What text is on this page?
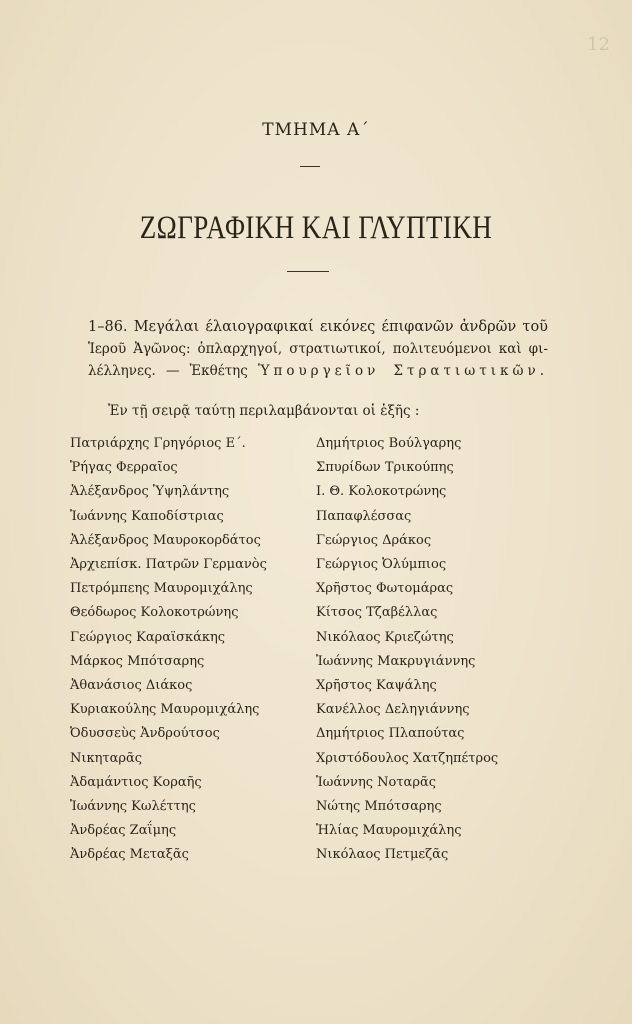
12
ΤΜΗΜΑ Α΄
ΖΩΓΡΑΦΙΚΗ ΚΑΙ ΓΛΥΠΤΙΚΗ
1–86. Μεγάλαι έλαιογραφικαί εικόνες έπιφανῶν ἀνδρῶν τοῦ
Ἱεροῦ Ἀγῶνος: ὁπλαρχηγοί, στρατιωτικοί, πολιτευόμενοι καὶ φι-
λέλληνες. — Ἐκθέτης Ὑπουργεῖον Στρατιωτικῶν.
Ἐν τῇ σειρᾷ ταύτῃ περιλαμβάνονται οἱ ἑξῆς :
Πατριάρχης Γρηγόριος Ε΄.
Ῥήγας Φερραῖος
Ἀλέξανδρος Ὑψηλάντης
Ἰωάννης Καποδίστριας
Ἀλέξανδρος Μαυροκορδάτος
Ἀρχιεπίσκ. Πατρῶν Γερμανὸς
Πετρόμπεης Μαυρομιχάλης
Θεόδωρος Κολοκοτρώνης
Γεώργιος Καραϊσκάκης
Μάρκος Μπότσαρης
Ἀθανάσιος Διάκος
Κυριακούλης Μαυρομιχάλης
Ὀδυσσεὺς Ἀνδρούτσος
Νικηταρᾶς
Ἀδαμάντιος Κοραῆς
Ἰωάννης Κωλέττης
Ἀνδρέας Ζαΐμης
Ἀνδρέας Μεταξᾶς
Δημήτριος Βούλγαρης
Σπυρίδων Τρικούπης
Ι. Θ. Κολοκοτρώνης
Παπαφλέσσας
Γεώργιος Δράκος
Γεώργιος Ὀλύμπιος
Χρῆστος Φωτομάρας
Κίτσος Τζαβέλλας
Νικόλαος Κριεζώτης
Ἰωάννης Μακρυγιάννης
Χρῆστος Καψάλης
Κανέλλος Δεληγιάννης
Δημήτριος Πλαπούτας
Χριστόδουλος Χατζηπέτρος
Ἰωάννης Νοταρᾶς
Νώτης Μπότσαρης
Ἠλίας Μαυρομιχάλης
Νικόλαος Πετμεζᾶς
